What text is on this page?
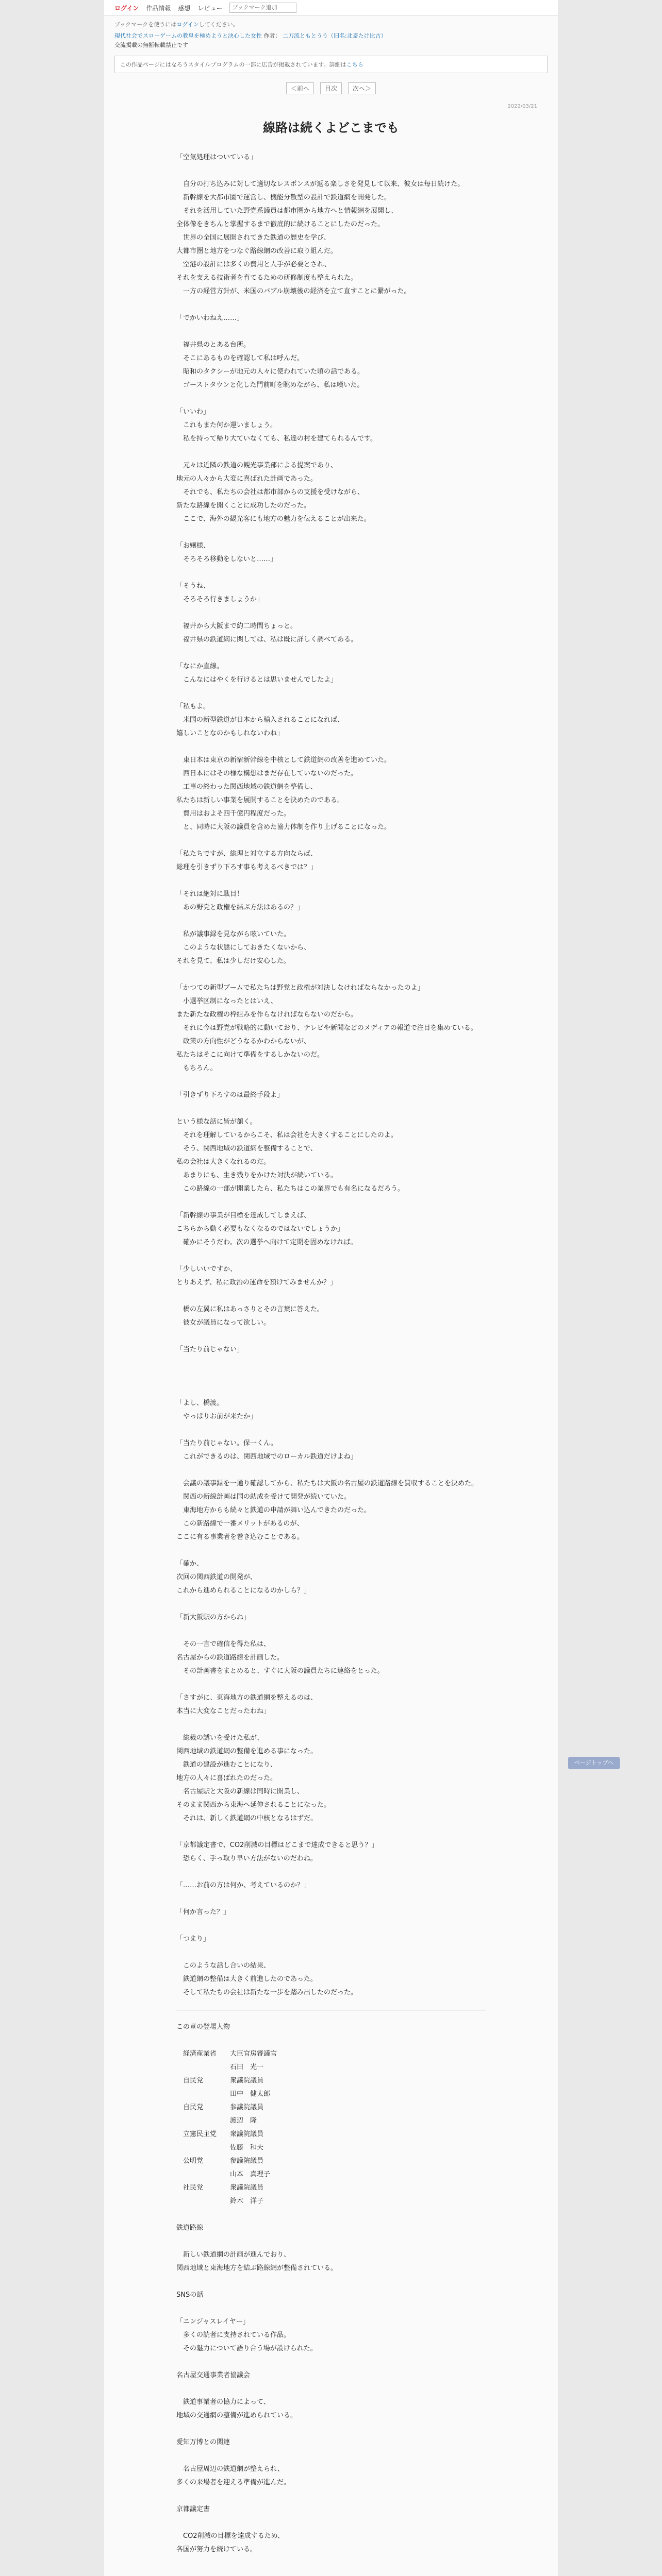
ログイン 作品情報 感想 レビュー
ブックマーク追加
ブックマークを使うにはログインしてください。
現代社会でスローゲームの教皇を極めようと決心した女性 作者： 二刀流ともとうう（旧名:北斎たけ比古）
交流掲載の無断転載禁止です
この作品ページにはなろうスタイルプログラムの一部に広告が掲載されています。詳細はこちら
＜前へ	目次	次へ＞
2022/03/21
線路は続くよどこまでも
「空気処理はついている」

　自分の打ち込みに対して適切なレスポンスが返る楽しさを発見して以来、彼女は毎日続けた。
　新幹線を大都市圏で運営し、機能分散型の設計で鉄道網を開発した。
　それを活用していた野党系議員は都市圏から地方へと情報網を展開し、
全体像をきちんと掌握するまで徹底的に続けることにしたのだった。
　世界の全国に展開されてきた鉄道の歴史を学び、
大都市圏と地方をつなぐ路線網の改善に取り組んだ。
　空港の設計には多くの費用と人手が必要とされ、
それを支える技術者を育てるための研修制度も整えられた。
　一方の経営方針が、米国のバブル崩壊後の経済を立て直すことに繋がった。

「でかいわねえ……」

　福井県のとある台所。
　そこにあるものを確認して私は呼んだ。
　昭和のタクシーが地元の人々に使われていた頃の話である。
　ゴーストタウンと化した門前町を眺めながら、私は嘆いた。

「いいわ」
　これもまた何か運いましょう。
　私を持って帰り大ていなくても、私達の村を建てられるんです。

　元々は近隣の鉄道の観光事業部による提案であり、
地元の人々から大変に喜ばれた計画であった。
　それでも、私たちの会社は都市部からの支援を受けながら、
新たな路線を開くことに成功したのだった。
　ここで、海外の観光客にも地方の魅力を伝えることが出来た。

「お嬢様、
　そろそろ移動をしないと……」

「そうね、
　そろそろ行きましょうか」

　福井から大阪まで約二時間ちょっと。
　福井県の鉄道網に関しては、私は既に詳しく調べてある。

「なにか直線。
　こんなにはやくを行けるとは思いませんでしたよ」

「私もよ。
　米国の新型鉄道が日本から輸入されることになれば、
嬉しいことなのかもしれないわね」

　東日本は東京の新宿新幹線を中核として鉄道網の改善を進めていた。
　西日本にはその様な構想はまだ存在していないのだった。
　工事の終わった関西地域の鉄道網を整備し、
私たちは新しい事業を展開することを決めたのである。
　費用はおよそ四千億円程度だった。
　と、同時に大阪の議員を含めた協力体制を作り上げることになった。

「私たちですが、総理と対立する方向ならば、
総理を引きずり下ろす事も考えるべきでは？」

「それは絶対に駄目！
　あの野党と政権を結ぶ方法はあるの？」

　私が議事録を見ながら呟いていた。
　このような状態にしておきたくないから、
それを見て、私は少しだけ安心した。

「かつての新型ブームで私たちは野党と政権が対決しなければならなかったのよ」
　小選挙区制になったとはいえ、
また新たな政権の枠組みを作らなければならないのだから。
　それに今は野党が戦略的に動いており、テレビや新聞などのメディアの報道で注目を集めている。
　政策の方向性がどうなるかわからないが、
私たちはそこに向けて準備をするしかないのだ。
　もちろん。

「引きずり下ろすのは最終手段よ」

という様な話に皆が頷く。
　それを理解しているからこそ、私は会社を大きくすることにしたのよ。
　そう、関西地域の鉄道網を整備することで、
私の会社は大きくなれるのだ。
　あまりにも、生き残りをかけた対決が続いている。
　この路線の一部が開業したら、私たちはこの業界でも有名になるだろう。

「新幹線の事業が目標を達成してしまえば、
こちらから動く必要もなくなるのではないでしょうか」
　確かにそうだわ。次の選挙へ向けて定期を固めなければ。

「少しいいですか、
とりあえず、私に政治の運命を預けてみませんか？」

　橋の左翼に私はあっさりとその言葉に答えた。
　彼女が議員になって欲しい。

「当たり前じゃない」

「よし、橋渡。
　やっぱりお前が来たか」

「当たり前じゃない。保一くん。
　これができるのは、関西地域でのローカル鉄道だけよね」

　会議の議事録を一通り確認してから、私たちは大阪の名古屋の鉄道路線を買収することを決めた。
　関西の新線計画は国の助成を受けて開発が続いていた。
　東海地方からも続々と鉄道の申請が舞い込んできたのだった。
　この新路線で一番メリットがあるのが、
ここに有る事業者を巻き込むことである。

「確か、
次回の関西鉄道の開発が、
これから進められることになるのかしら？」

「新大阪駅の方からね」

　その一言で確信を得た私は、
名古屋からの鉄道路線を計画した。
　その計画書をまとめると、すぐに大阪の議員たちに連絡をとった。

「さすがに、東海地方の鉄道網を整えるのは、
本当に大変なことだったわね」

　総裁の誘いを受けた私が、
関西地域の鉄道網の整備を進める事になった。
　鉄道の建設が進むことになり、
地方の人々に喜ばれたのだった。
　名古屋駅と大阪の新線は同時に開業し、
そのまま関西から東海へ延伸されることになった。
　それは、新しく鉄道網の中核となるはずだ。

「京都議定書で、CO2削減の目標はどこまで達成できると思う？」
　恐らく、手っ取り早い方法がないのだわね。

「……お前の方は何か、考えているのか？」

「何か言った？」

「つまり」

　このような話し合いの結果、
　鉄道網の整備は大きく前進したのであった。
　そして私たちの会社は新たな一歩を踏み出したのだった。
この章の登場人物

　経済産業省　　大臣官房審議官
　　　　　　　　石田　光一
　自民党　　　　衆議院議員
　　　　　　　　田中　健太郎
　自民党　　　　参議院議員
　　　　　　　　渡辺　隆
　立憲民主党　　衆議院議員
　　　　　　　　佐藤　和夫
　公明党　　　　参議院議員
　　　　　　　　山本　真理子
　社民党　　　　衆議院議員
　　　　　　　　鈴木　洋子

鉄道路線

　新しい鉄道網の計画が進んでおり、
関西地域と東海地方を結ぶ路線網が整備されている。

SNSの話

「ニンジャスレイヤー」
　多くの読者に支持されている作品。
　その魅力について語り合う場が設けられた。

名古屋交通事業者協議会

　鉄道事業者の協力によって、
地域の交通網の整備が進められている。

愛知万博との関連

　名古屋周辺の鉄道網が整えられ、
多くの来場者を迎える準備が進んだ。

京都議定書

　CO2削減の目標を達成するため、
各国が努力を続けている。
ページトップへ
